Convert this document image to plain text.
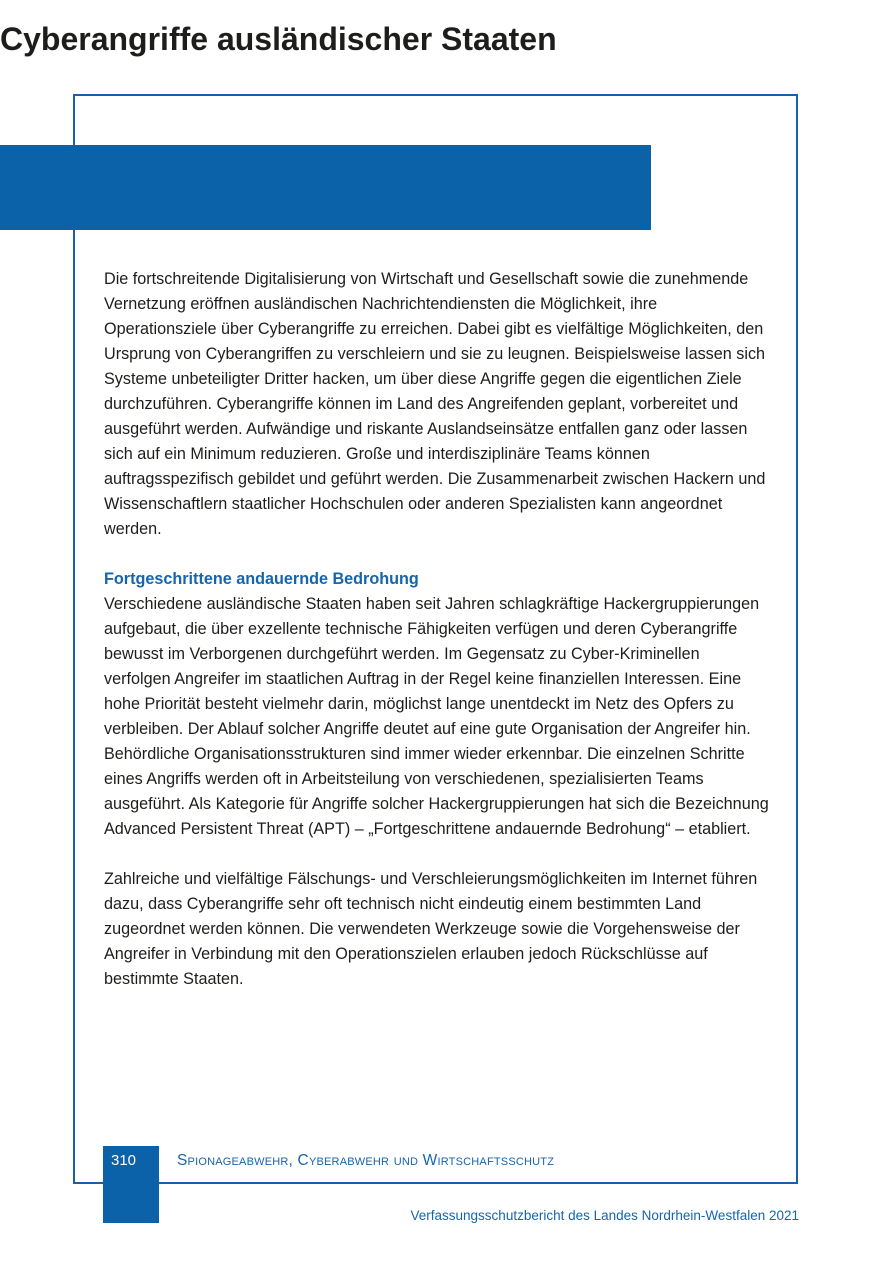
Cyberangriffe ausländischer Staaten

Die fortschreitende Digitalisierung von Wirtschaft und Gesellschaft sowie die zunehmende Vernetzung eröffnen ausländischen Nachrichtendiensten die Möglichkeit, ihre Operationsziele über Cyberangriffe zu erreichen. Dabei gibt es vielfältige Möglichkeiten, den Ursprung von Cyberangriffen zu verschleiern und sie zu leugnen. Beispielsweise lassen sich Systeme unbeteiligter Dritter hacken, um über diese Angriffe gegen die eigentlichen Ziele durchzuführen. Cyberangriffe können im Land des Angreifenden geplant, vorbereitet und ausgeführt werden. Aufwändige und riskante Auslandseinsätze entfallen ganz oder lassen sich auf ein Minimum reduzieren. Große und interdisziplinäre Teams können auftragsspezifisch gebildet und geführt werden. Die Zusammenarbeit zwischen Hackern und Wissenschaftlern staatlicher Hochschulen oder anderen Spezialisten kann angeordnet werden.

Fortgeschrittene andauernde Bedrohung

Verschiedene ausländische Staaten haben seit Jahren schlagkräftige Hackergruppierungen aufgebaut, die über exzellente technische Fähigkeiten verfügen und deren Cyberangriffe bewusst im Verborgenen durchgeführt werden. Im Gegensatz zu Cyber-Kriminellen verfolgen Angreifer im staatlichen Auftrag in der Regel keine finanziellen Interessen. Eine hohe Priorität besteht vielmehr darin, möglichst lange unentdeckt im Netz des Opfers zu verbleiben. Der Ablauf solcher Angriffe deutet auf eine gute Organisation der Angreifer hin. Behördliche Organisationsstrukturen sind immer wieder erkennbar. Die einzelnen Schritte eines Angriffs werden oft in Arbeitsteilung von verschiedenen, spezialisierten Teams ausgeführt. Als Kategorie für Angriffe solcher Hackergruppierungen hat sich die Bezeichnung Advanced Persistent Threat (APT) – „Fortgeschrittene andauernde Bedrohung“ – etabliert.

Zahlreiche und vielfältige Fälschungs- und Verschleierungsmöglichkeiten im Internet führen dazu, dass Cyberangriffe sehr oft technisch nicht eindeutig einem bestimmten Land zugeordnet werden können. Die verwendeten Werkzeuge sowie die Vorgehensweise der Angreifer in Verbindung mit den Operationszielen erlauben jedoch Rückschlüsse auf bestimmte Staaten.

310	Spionageabwehr, Cyberabwehr und Wirtschaftsschutz
Verfassungsschutzbericht des Landes Nordrhein-Westfalen 2021
